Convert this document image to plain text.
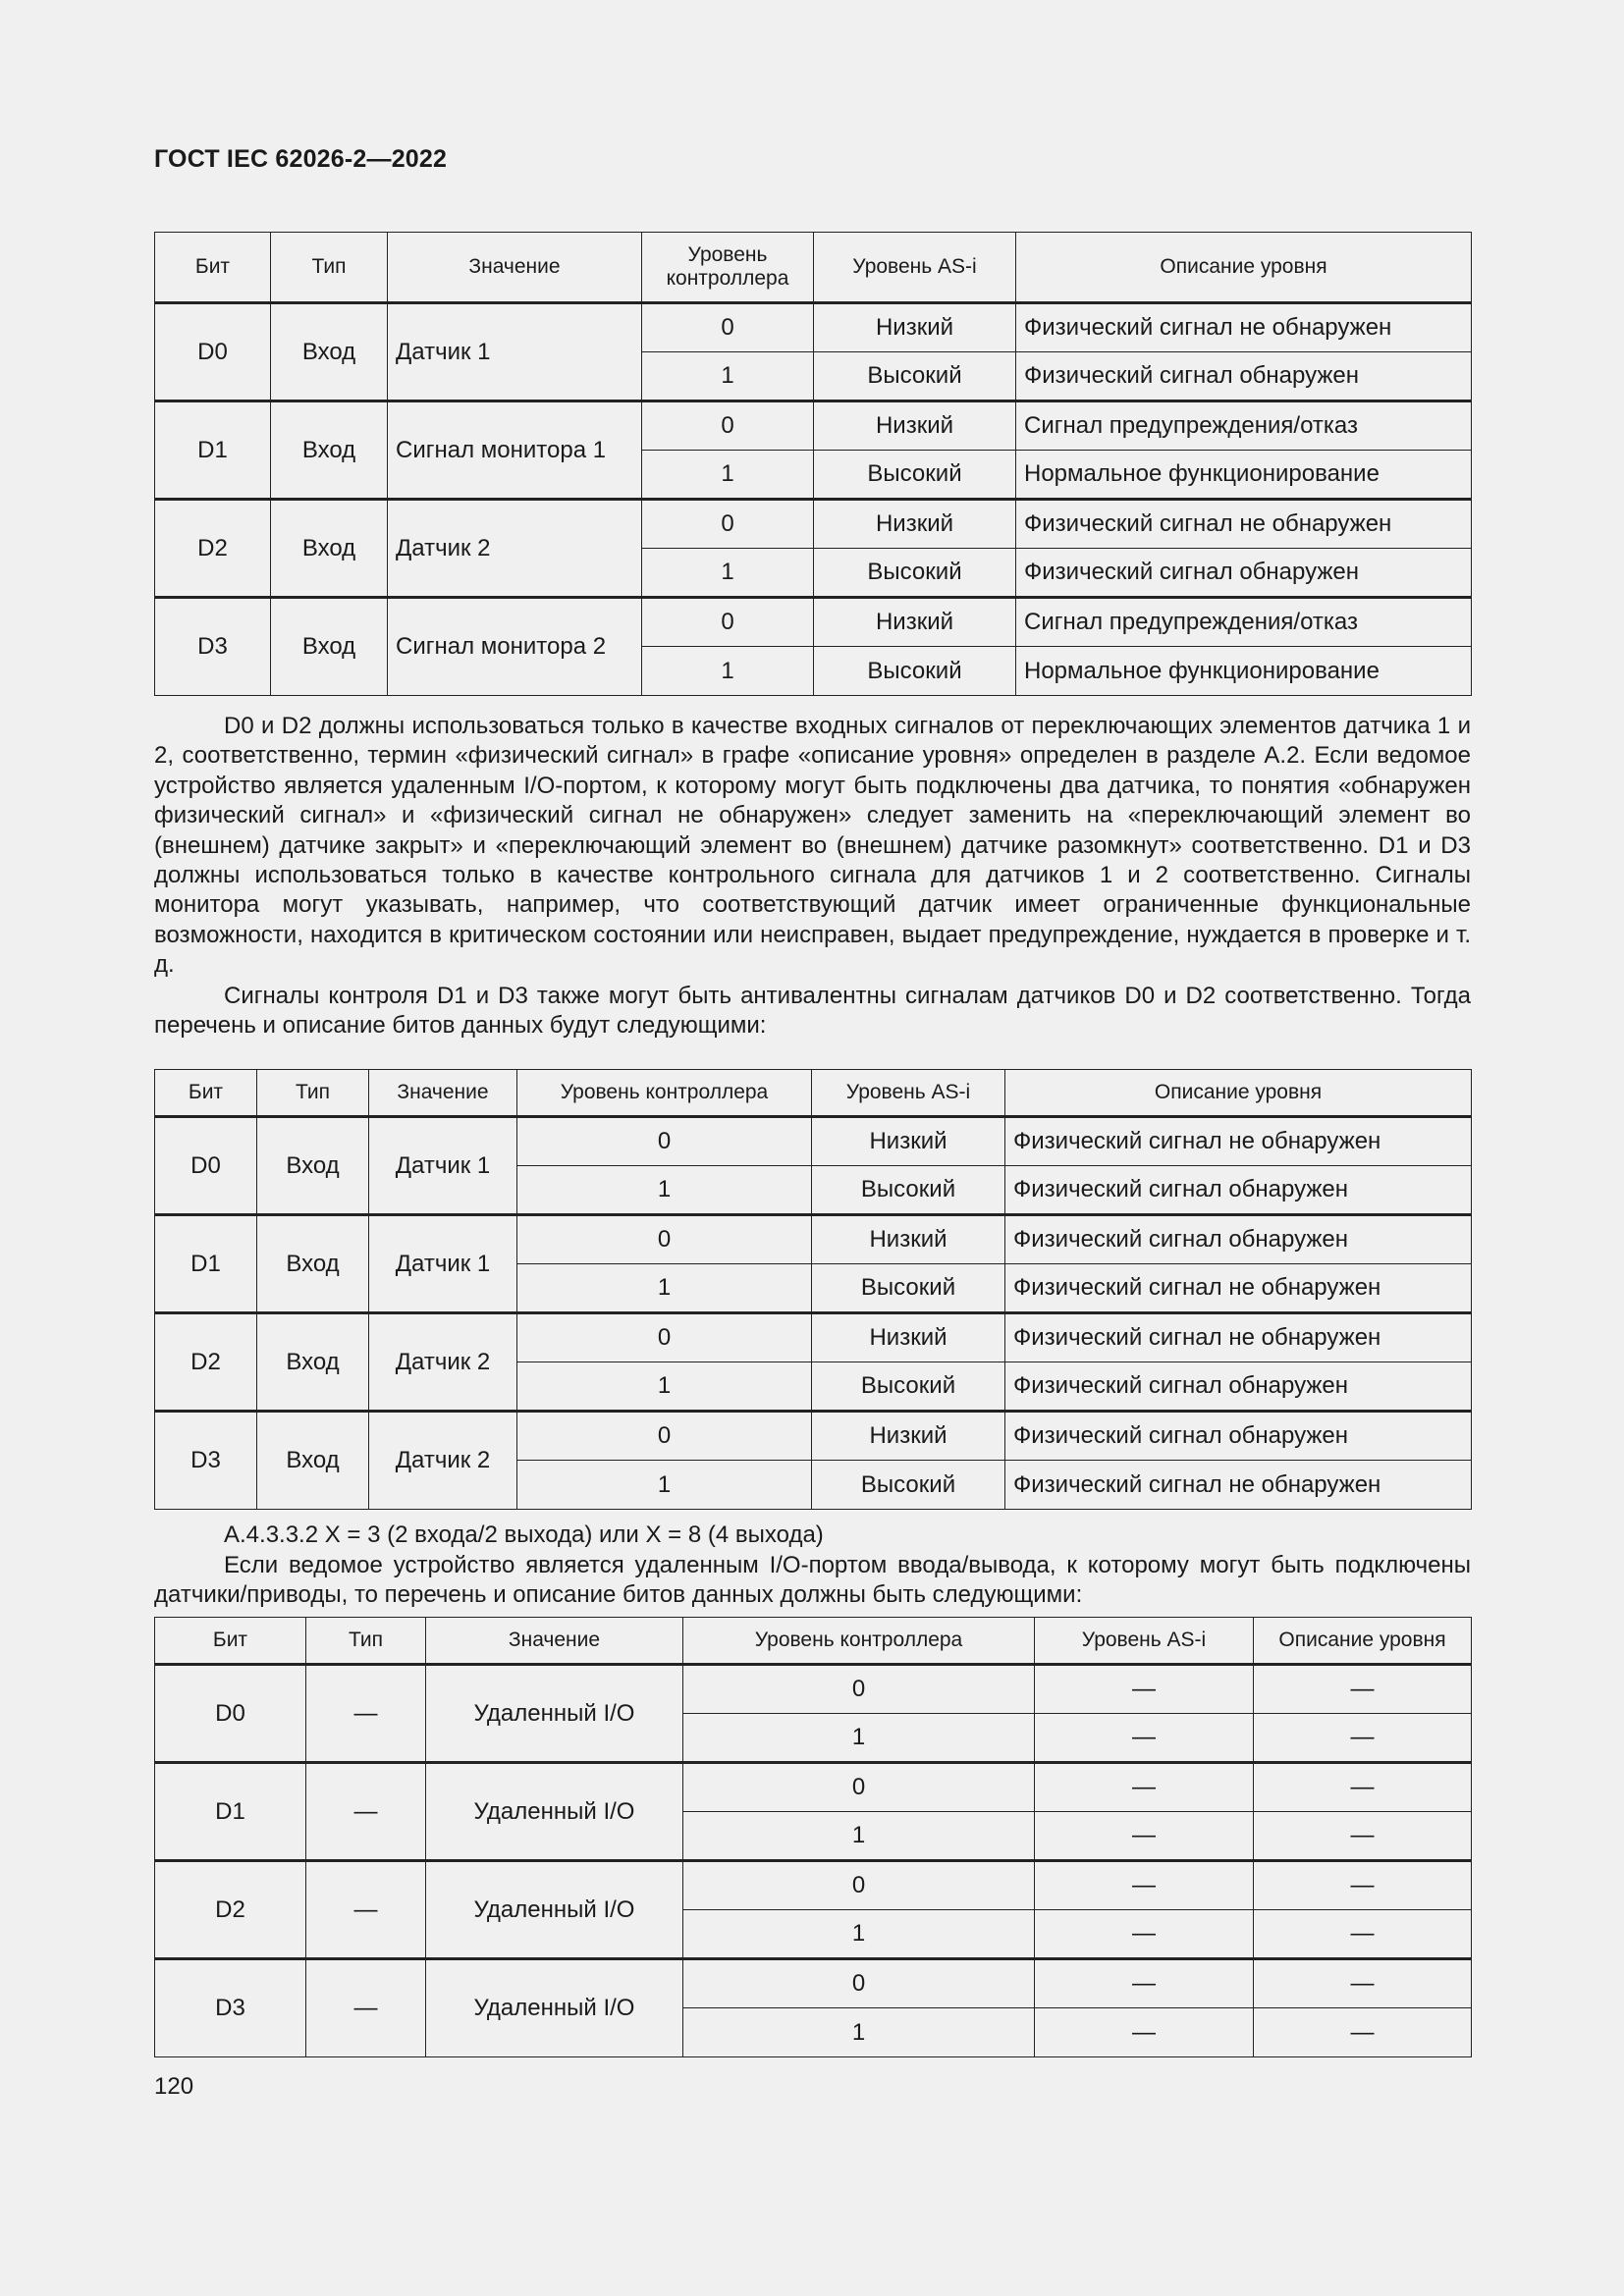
ГОСТ IEC 62026-2—2022
Бит	Тип	Значение	Уровень контроллера	Уровень AS-i	Описание уровня
D0	Вход	Датчик 1	0	Низкий	Физический сигнал не обнаружен
			1	Высокий	Физический сигнал обнаружен
D1	Вход	Сигнал монитора 1	0	Низкий	Сигнал предупреждения/отказ
			1	Высокий	Нормальное функционирование
D2	Вход	Датчик 2	0	Низкий	Физический сигнал не обнаружен
			1	Высокий	Физический сигнал обнаружен
D3	Вход	Сигнал монитора 2	0	Низкий	Сигнал предупреждения/отказ
			1	Высокий	Нормальное функционирование

D0 и D2 должны использоваться только в качестве входных сигналов от переключающих элементов датчика 1 и 2, соответственно, термин «физический сигнал» в графе «описание уровня» определен в разделе А.2. Если ведомое устройство является удаленным I/O-портом, к которому могут быть подключены два датчика, то понятия «обнаружен физический сигнал» и «физический сигнал не обнаружен» следует заменить на «переключающий элемент во (внешнем) датчике закрыт» и «переключающий элемент во (внешнем) датчике разомкнут» соответственно. D1 и D3 должны использоваться только в качестве контрольного сигнала для датчиков 1 и 2 соответственно. Сигналы монитора могут указывать, например, что соответствующий датчик имеет ограниченные функциональные возможности, находится в критическом состоянии или неисправен, выдает предупреждение, нуждается в проверке и т. д.

Сигналы контроля D1 и D3 также могут быть антивалентны сигналам датчиков D0 и D2 соответственно. Тогда перечень и описание битов данных будут следующими:

Бит	Тип	Значение	Уровень контроллера	Уровень AS-i	Описание уровня
D0	Вход	Датчик 1	0	Низкий	Физический сигнал не обнаружен
			1	Высокий	Физический сигнал обнаружен
D1	Вход	Датчик 1	0	Низкий	Физический сигнал обнаружен
			1	Высокий	Физический сигнал не обнаружен
D2	Вход	Датчик 2	0	Низкий	Физический сигнал не обнаружен
			1	Высокий	Физический сигнал обнаружен
D3	Вход	Датчик 2	0	Низкий	Физический сигнал обнаружен
			1	Высокий	Физический сигнал не обнаружен

А.4.3.3.2 X = 3 (2 входа/2 выхода) или X = 8 (4 выхода)

Если ведомое устройство является удаленным I/O-портом ввода/вывода, к которому могут быть подключены датчики/приводы, то перечень и описание битов данных должны быть следующими:

Бит	Тип	Значение	Уровень контроллера	Уровень AS-i	Описание уровня
D0	—	Удаленный I/O	0	—	—
			1	—	—
D1	—	Удаленный I/O	0	—	—
			1	—	—
D2	—	Удаленный I/O	0	—	—
			1	—	—
D3	—	Удаленный I/O	0	—	—
			1	—	—
120
